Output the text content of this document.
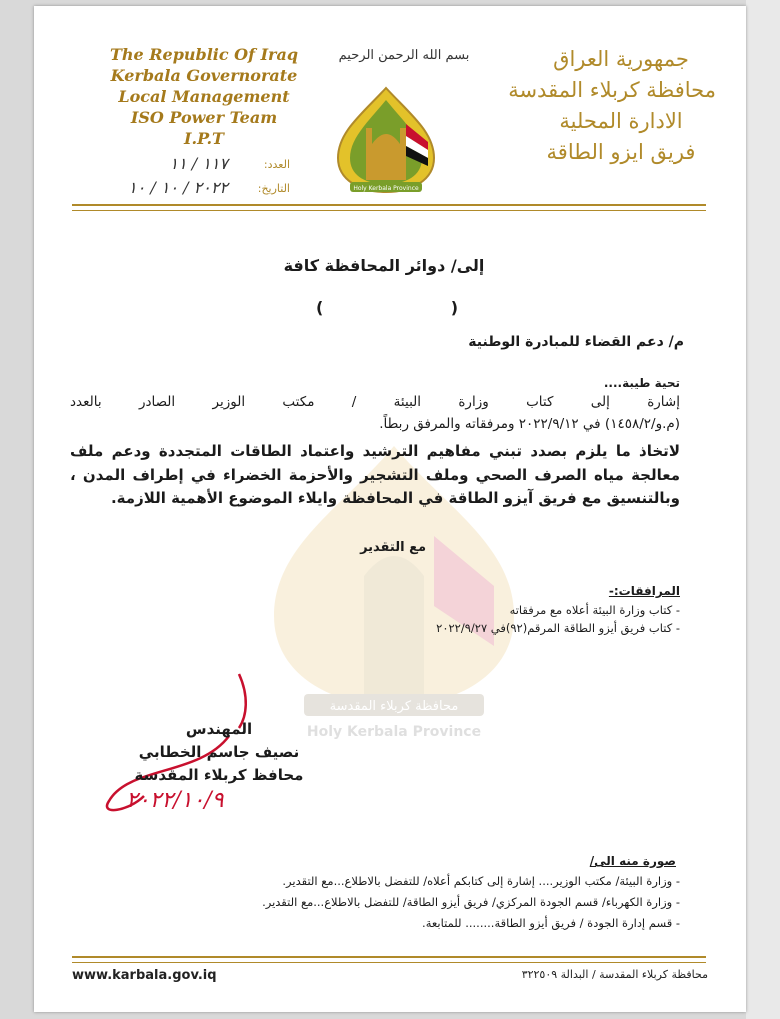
The Republic Of Iraq
Kerbala Governorate
Local Management
ISO Power Team
I.P.T
جمهورية العراق
محافظة كربلاء المقدسة
الادارة المحلية
فريق ايزو الطاقة
بسم الله الرحمن الرحيم
Holy Kerbala Province
العدد:
١١٧ / ١١
التاريخ:
٢٠٢٢ / ١٠ / ١٠
محافظة كربلاء المقدسة
Holy Kerbala Province
إلى/ دوائر المحافظة كافة
(
)
م/ دعم القضاء للمبادرة الوطنية
تحية طيبة....
إشارة إلى كتاب وزارة البيئة / مكتب الوزير الصادر بالعدد
(م.و/١٤٥٨/٢) في ٢٠٢٢/٩/١٢ ومرفقاته والمرفق ربطاً.
لاتخاذ ما يلزم بصدد تبني مفاهيم الترشيد واعتماد الطاقات المتجددة ودعم ملف معالجة مياه الصرف الصحي وملف التشجير والأحزمة الخضراء في إطراف المدن ، وبالتنسيق مع فريق آيزو الطاقة في المحافظة وايلاء الموضوع الأهمية اللازمة.
مع التقدير
المرافقات:-
- كتاب وزارة البيئة أعلاه مع مرفقاته
- كتاب فريق أيزو الطاقة المرقم(٩٢)في ٢٠٢٢/٩/٢٧
المهندس
نصيف جاسم الخطابي
محافظ كربلاء المقدسة
٢٠٢٢/١٠/٩
صورة منه الى/
- وزارة البيئة/ مكتب الوزير.... إشارة إلى كتابكم أعلاه/ للتفضل بالاطلاع...مع التقدير.
- وزارة الكهرباء/ قسم الجودة المركزي/ فريق أيزو الطاقة/ للتفضل بالاطلاع...مع التقدير.
- قسم إدارة الجودة / فريق أيزو الطاقة........ للمتابعة.
www.karbala.gov.iq	محافظة كربلاء المقدسة / البدالة ٣٢٢٥٠٩
